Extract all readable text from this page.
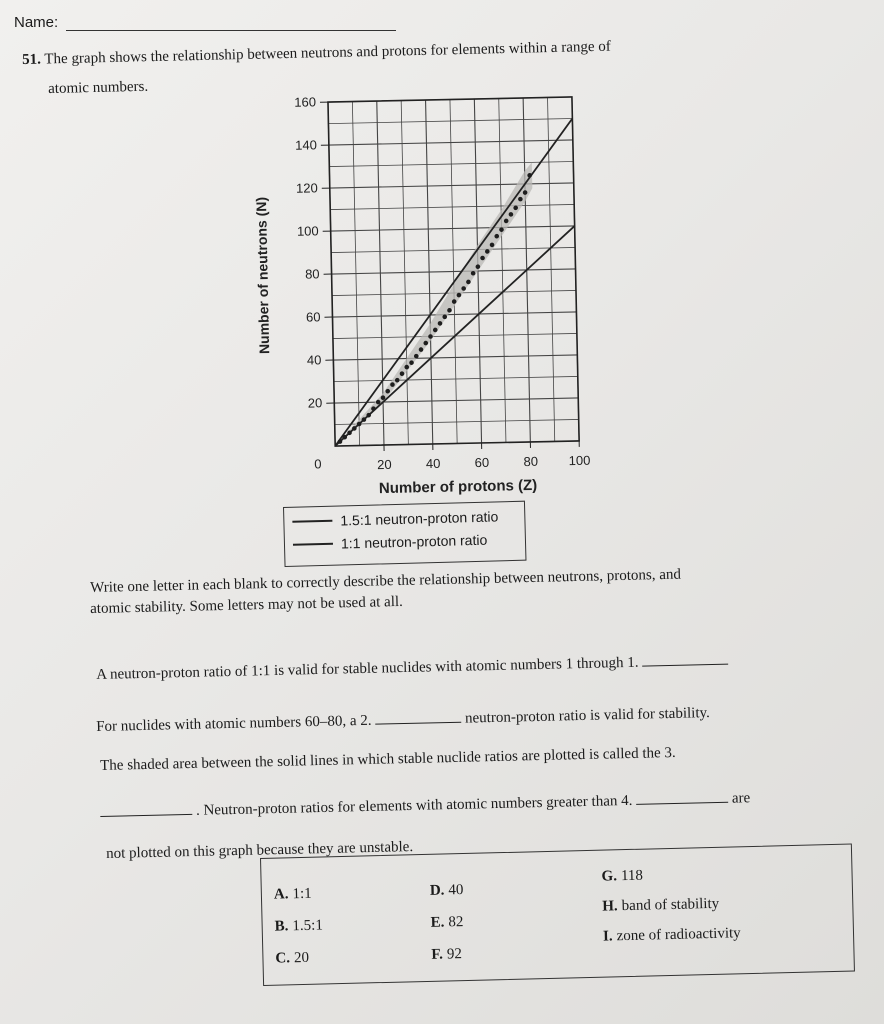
Name:
51. The graph shows the relationship between neutrons and protons for elements within a range of
atomic numbers.
20	40	60	80 100
20
40
60
80
100
120
140
160
0
Number of protons (Z)
Number of neutrons (N)
1.5:1 neutron-proton ratio
1:1 neutron-proton ratio
Write one letter in each blank to correctly describe the relationship between neutrons, protons, and
atomic stability. Some letters may not be used at all.
A neutron-proton ratio of 1:1 is valid for stable nuclides with atomic numbers 1 through 1.
For nuclides with atomic numbers 60–80, a 2.	neutron-proton ratio is valid for stability.
The shaded area between the solid lines in which stable nuclide ratios are plotted is called the 3.
. Neutron-proton ratios for elements with atomic numbers greater than 4.	are
not plotted on this graph because they are unstable.
A. 1:1
B. 1.5:1
C. 20
D. 40
E. 82
F. 92
G. 118
H. band of stability
I. zone of radioactivity
